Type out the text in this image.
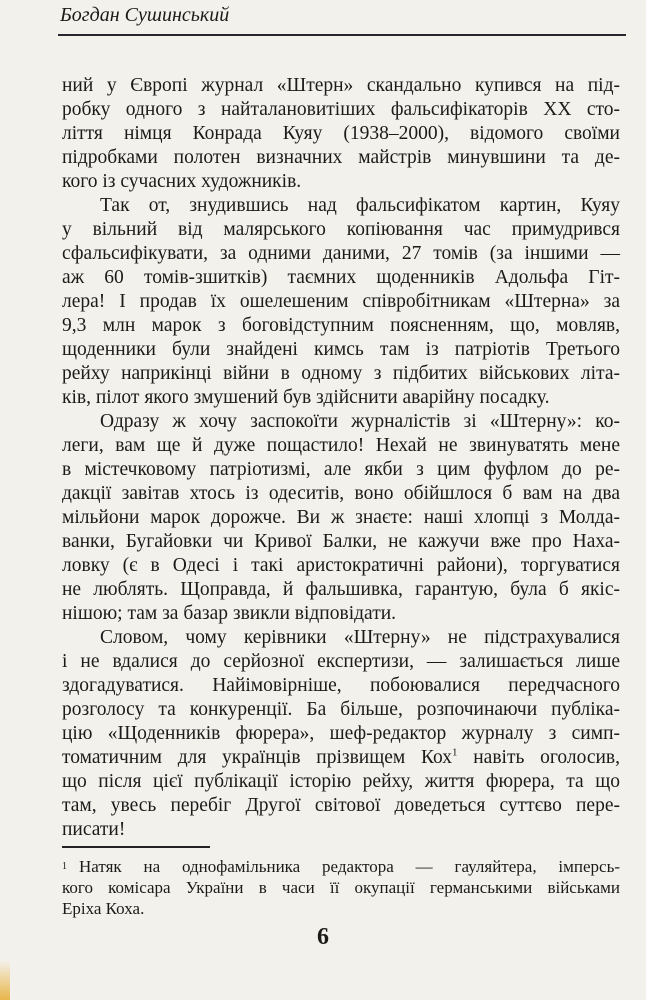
Богдан Сушинський
ний у Європі журнал «Штерн» скандально купився на під-
робку одного з найталановитіших фальсифікаторів XX сто-
ліття німця Конрада Куяу (1938–2000), відомого своїми
підробками полотен визначних майстрів минувшини та де-
кого із сучасних художників.
Так от, знудившись над фальсифікатом картин, Куяу
у вільний від малярського копіювання час примудрився
сфальсифікувати, за одними даними, 27 томів (за іншими —
аж 60 томів-зшитків) таємних щоденників Адольфа Гіт-
лера! І продав їх ошелешеним співробітникам «Штерна» за
9,3 млн марок з боговідступним поясненням, що, мовляв,
щоденники були знайдені кимсь там із патріотів Третього
рейху наприкінці війни в одному з підбитих військових літа-
ків, пілот якого змушений був здійснити аварійну посадку.
Одразу ж хочу заспокоїти журналістів зі «Штерну»: ко-
леги, вам ще й дуже пощастило! Нехай не звинуватять мене
в містечковому патріотизмі, але якби з цим фуфлом до ре-
дакції завітав хтось із одеситів, воно обійшлося б вам на два
мільйони марок дорожче. Ви ж знаєте: наші хлопці з Молда-
ванки, Бугайовки чи Кривої Балки, не кажучи вже про Наха-
ловку (є в Одесі і такі аристократичні райони), торгуватися
не люблять. Щоправда, й фальшивка, гарантую, була б якіс-
нішою; там за базар звикли відповідати.
Словом, чому керівники «Штерну» не підстрахувалися
і не вдалися до серйозної експертизи, — залишається лише
здогадуватися. Найімовірніше, побоювалися передчасного
розголосу та конкуренції. Ба більше, розпочинаючи публіка-
цію «Щоденників фюрера», шеф-редактор журналу з симп-
томатичним для українців прізвищем Кох$^1$ навіть оголосив,
що після цієї публікації історію рейху, життя фюрера, та що
там, увесь перебіг Другої світової доведеться суттєво пере-
писати!
$^1$ Натяк на однофамільника редактора — гауляйтера, імперсь-
кого комісара України в часи її окупації германськими військами
Еріха Коха.
6
